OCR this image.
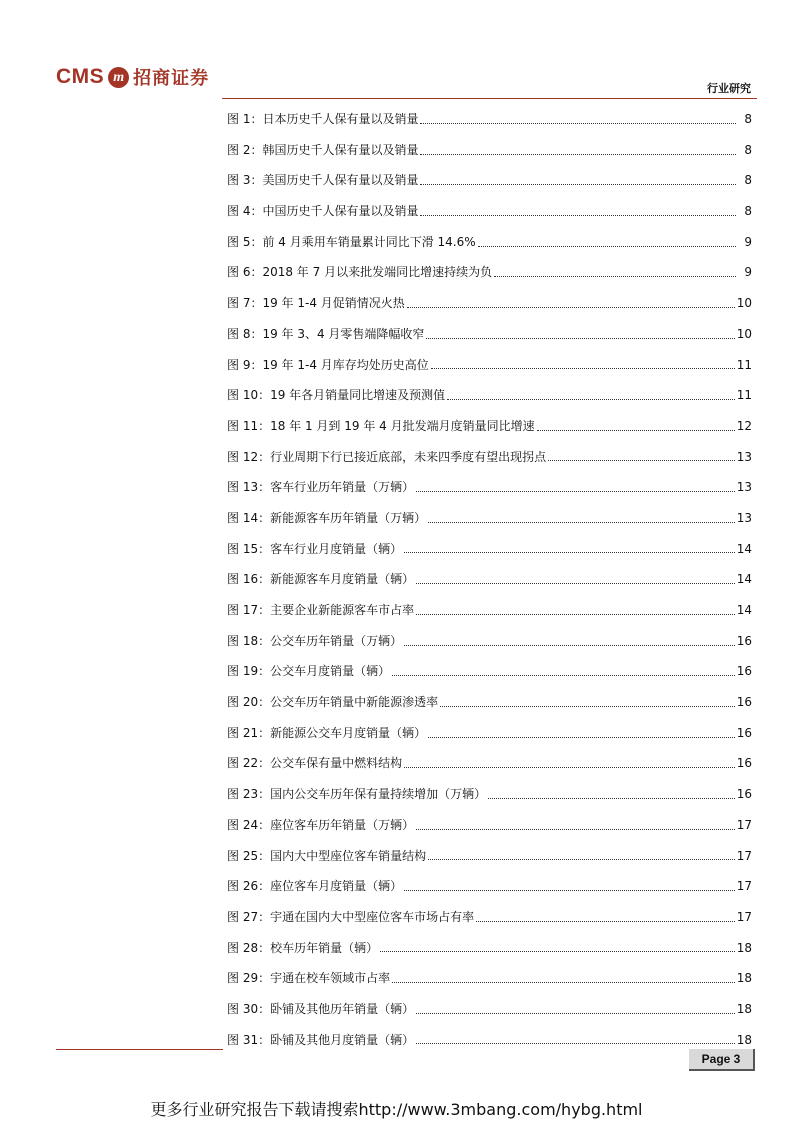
CMS m 招商证券	行业研究
图 1：日本历史千人保有量以及销量	8
图 2：韩国历史千人保有量以及销量	8
图 3：美国历史千人保有量以及销量	8
图 4：中国历史千人保有量以及销量	8
图 5：前 4 月乘用车销量累计同比下滑 14.6%	9
图 6：2018 年 7 月以来批发端同比增速持续为负	9
图 7：19 年 1-4 月促销情况火热	10
图 8：19 年 3、4 月零售端降幅收窄	10
图 9：19 年 1-4 月库存均处历史高位	11
图 10：19 年各月销量同比增速及预测值	11
图 11：18 年 1 月到 19 年 4 月批发端月度销量同比增速	12
图 12：行业周期下行已接近底部，未来四季度有望出现拐点	13
图 13：客车行业历年销量（万辆）	13
图 14：新能源客车历年销量（万辆）	13
图 15：客车行业月度销量（辆）	14
图 16：新能源客车月度销量（辆）	14
图 17：主要企业新能源客车市占率	14
图 18：公交车历年销量（万辆）	16
图 19：公交车月度销量（辆）	16
图 20：公交车历年销量中新能源渗透率	16
图 21：新能源公交车月度销量（辆）	16
图 22：公交车保有量中燃料结构	16
图 23：国内公交车历年保有量持续增加（万辆）	16
图 24：座位客车历年销量（万辆）	17
图 25：国内大中型座位客车销量结构	17
图 26：座位客车月度销量（辆）	17
图 27：宇通在国内大中型座位客车市场占有率	17
图 28：校车历年销量（辆）	18
图 29：宇通在校车领域市占率	18
图 30：卧铺及其他历年销量（辆）	18
图 31：卧铺及其他月度销量（辆）	18
Page 3
更多行业研究报告下载请搜索http://www.3mbang.com/hybg.html
